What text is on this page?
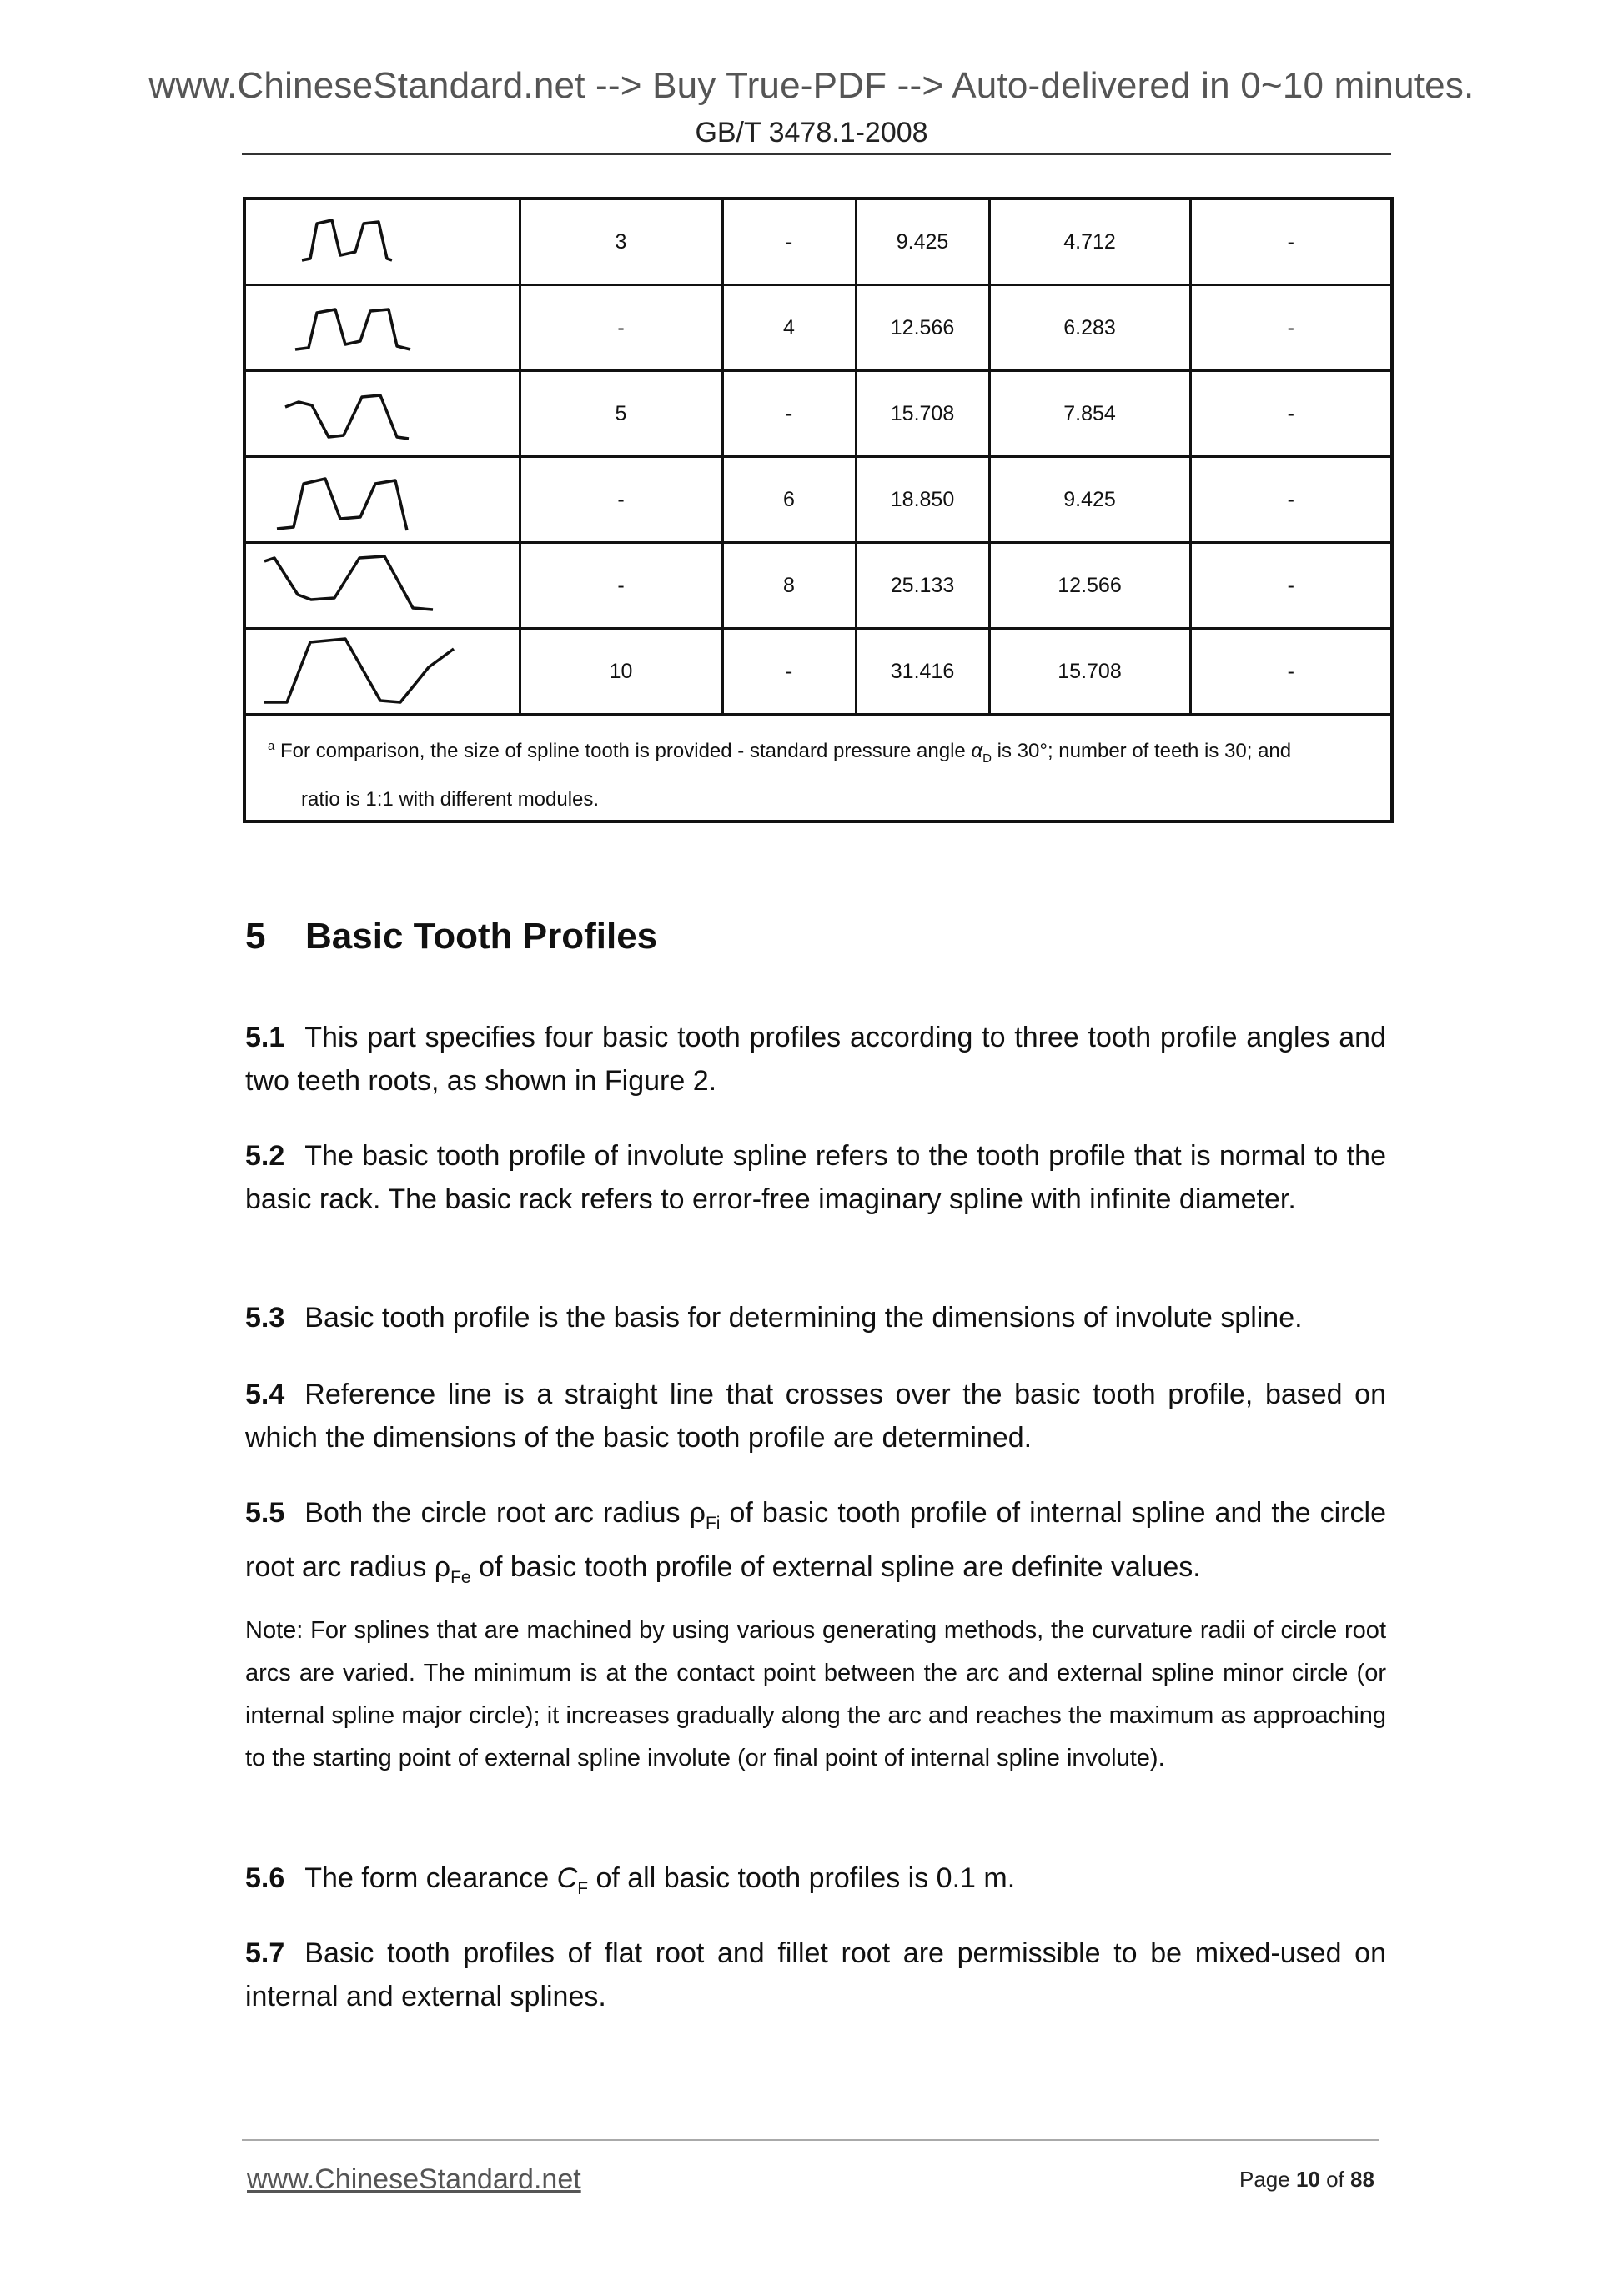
www.ChineseStandard.net --> Buy True-PDF --> Auto-delivered in 0~10 minutes.
GB/T 3478.1-2008
	3	-	9.425	4.712	-

	-	4	12.566	6.283	-

	5	-	15.708	7.854	-

	-	6	18.850	9.425	-

	-	8	25.133	12.566	-

	10	-	31.416	15.708	-
$^a$ For comparison, the size of spline tooth is provided - standard pressure angle $\alpha_D$ is 30°; number of teeth is 30; and
ratio is 1:1 with different modules.					
5 Basic Tooth Profiles
5.1 This part specifies four basic tooth profiles according to three tooth profile angles and two teeth roots, as shown in Figure 2.
5.2 The basic tooth profile of involute spline refers to the tooth profile that is normal to the basic rack. The basic rack refers to error-free imaginary spline with infinite diameter.
5.3 Basic tooth profile is the basis for determining the dimensions of involute spline.
5.4 Reference line is a straight line that crosses over the basic tooth profile, based on which the dimensions of the basic tooth profile are determined.
5.5 Both the circle root arc radius $\rho_{Fi}$ of basic tooth profile of internal spline and the circle root arc radius $\rho_{Fe}$ of basic tooth profile of external spline are definite values.
Note: For splines that are machined by using various generating methods, the curvature radii of circle root arcs are varied. The minimum is at the contact point between the arc and external spline minor circle (or internal spline major circle); it increases gradually along the arc and reaches the maximum as approaching to the starting point of external spline involute (or final point of internal spline involute).
5.6 The form clearance $C_F$ of all basic tooth profiles is 0.1 m.
5.7 Basic tooth profiles of flat root and fillet root are permissible to be mixed-used on internal and external splines.
www.ChineseStandard.net	Page 10 of 88
